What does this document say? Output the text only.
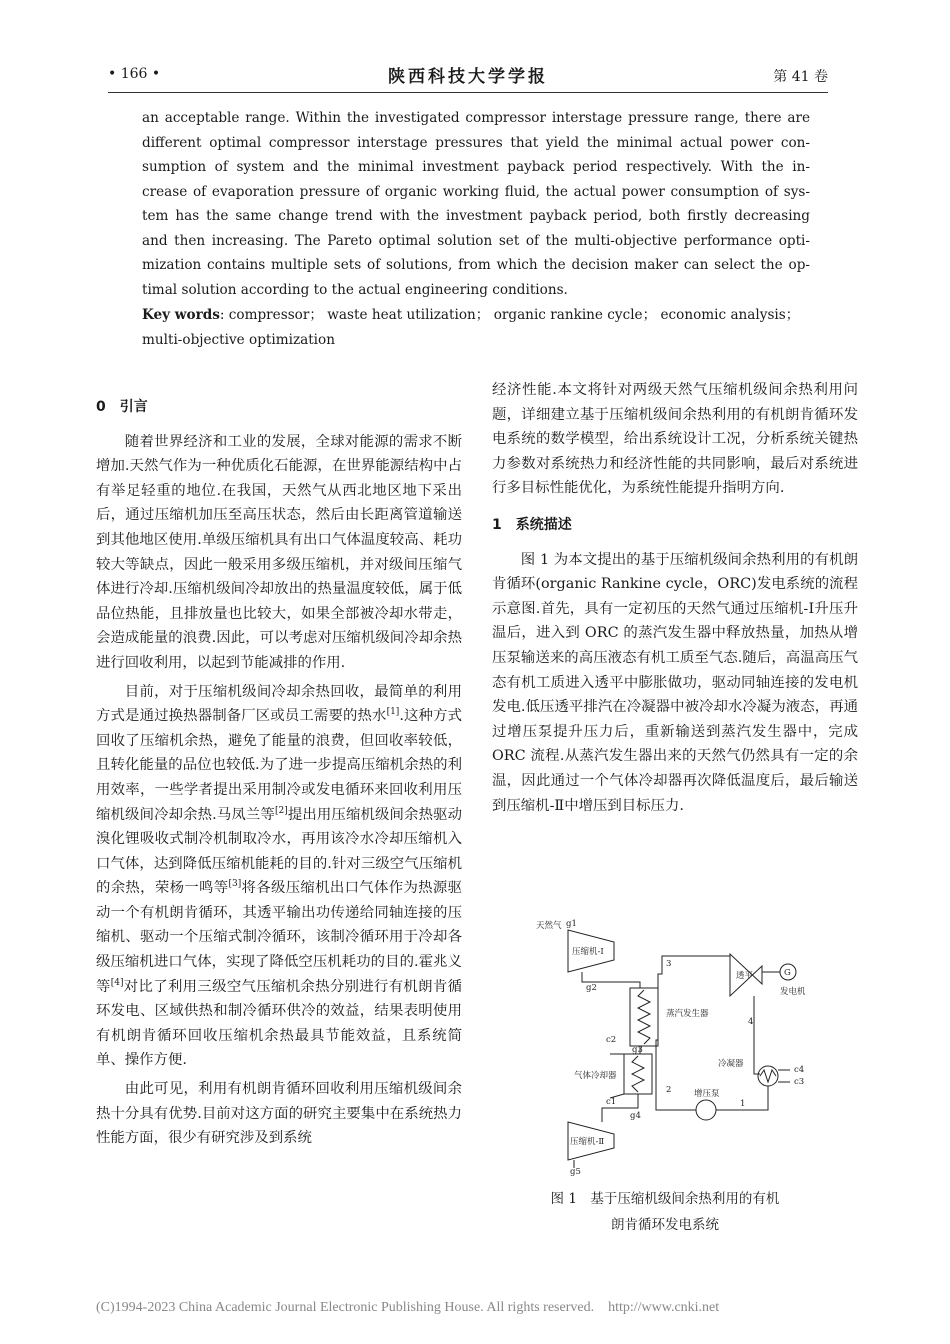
• 166 •	陕西科技大学学报	第 41 卷
an acceptable range. Within the investigated compressor interstage pressure range, there are
different optimal compressor interstage pressures that yield the minimal actual power con-
sumption of system and the minimal investment payback period respectively. With the in-
crease of evaporation pressure of organic working fluid, the actual power consumption of sys-
tem has the same change trend with the investment payback period, both firstly decreasing
and then increasing. The Pareto optimal solution set of the multi-objective performance opti-
mization contains multiple sets of solutions, from which the decision maker can select the op-
timal solution according to the actual engineering conditions.
Key words: compressor； waste heat utilization； organic rankine cycle； economic analysis；
multi-objective optimization
0　引言

随着世界经济和工业的发展，全球对能源的需求不断增加.天然气作为一种优质化石能源，在世界能源结构中占有举足轻重的地位.在我国，天然气从西北地区地下采出后，通过压缩机加压至高压状态，然后由长距离管道输送到其他地区使用.单级压缩机具有出口气体温度较高、耗功较大等缺点，因此一般采用多级压缩机，并对级间压缩气体进行冷却.压缩机级间冷却放出的热量温度较低，属于低品位热能，且排放量也比较大，如果全部被冷却水带走，会造成能量的浪费.因此，可以考虑对压缩机级间冷却余热进行回收利用，以起到节能减排的作用.

目前，对于压缩机级间冷却余热回收，最简单的利用方式是通过换热器制备厂区或员工需要的热水[1].这种方式回收了压缩机余热，避免了能量的浪费，但回收率较低，且转化能量的品位也较低.为了进一步提高压缩机余热的利用效率，一些学者提出采用制冷或发电循环来回收利用压缩机级间冷却余热.马凤兰等[2]提出用压缩机级间余热驱动溴化锂吸收式制冷机制取冷水，再用该冷水冷却压缩机入口气体，达到降低压缩机能耗的目的.针对三级空气压缩机的余热，荣杨一鸣等[3]将各级压缩机出口气体作为热源驱动一个有机朗肯循环，其透平输出功传递给同轴连接的压缩机、驱动一个压缩式制冷循环，该制冷循环用于冷却各级压缩机进口气体，实现了降低空压机耗功的目的.霍兆义等[4]对比了利用三级空气压缩机余热分别进行有机朗肯循环发电、区域供热和制冷循环供冷的效益，结果表明使用有机朗肯循环回收压缩机余热最具节能效益，且系统简单、操作方便.

由此可见，利用有机朗肯循环回收利用压缩机级间余热十分具有优势.目前对这方面的研究主要集中在系统热力性能方面，很少有研究涉及到系统

经济性能.本文将针对两级天然气压缩机级间余热利用问题，详细建立基于压缩机级间余热利用的有机朗肯循环发电系统的数学模型，给出系统设计工况，分析系统关键热力参数对系统热力和经济性能的共同影响，最后对系统进行多目标性能优化，为系统性能提升指明方向.

1　系统描述

图 1 为本文提出的基于压缩机级间余热利用的有机朗肯循环(organic Rankine cycle，ORC)发电系统的流程示意图.首先，具有一定初压的天然气通过压缩机-Ⅰ升压升温后，进入到 ORC 的蒸汽发生器中释放热量，加热从增压泵输送来的高压液态有机工质至气态.随后，高温高压气态有机工质进入透平中膨胀做功，驱动同轴连接的发电机发电.低压透平排汽在冷凝器中被冷却水冷凝为液态，再通过增压泵提升压力后，重新输送到蒸汽发生器中，完成 ORC 流程.从蒸汽发生器出来的天然气仍然具有一定的余温，因此通过一个气体冷却器再次降低温度后，最后输送到压缩机-Ⅱ中增压到目标压力.

天然气 g1
压缩机-Ⅰ
g2
3
蒸汽发生器
透平	G
发电机
4
c2
g3
冷凝器
c4
c3
气体冷却器
2	增压泵
1
c1
g4
压缩机-Ⅱ
g5
图 1　基于压缩机级间余热利用的有机
朗肯循环发电系统
(C)1994-2023 China Academic Journal Electronic Publishing House. All rights reserved.　http://www.cnki.net
